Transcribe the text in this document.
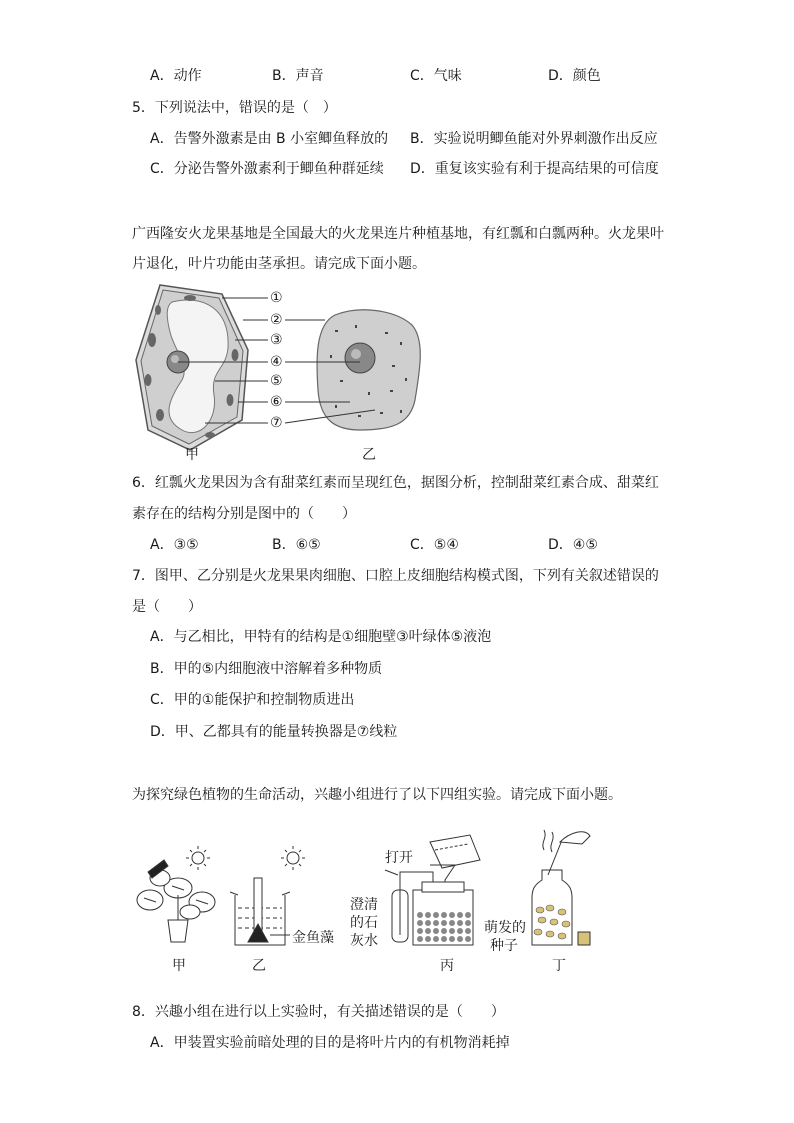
A．动作	B．声音	C．气味	D．颜色
5．下列说法中，错误的是（　）
A．告警外激素是由 B 小室鲫鱼释放的 B．实验说明鲫鱼能对外界刺激作出反应
C．分泌告警外激素利于鲫鱼种群延续 D．重复该实验有利于提高结果的可信度
广西隆安火龙果基地是全国最大的火龙果连片种植基地，有红瓢和白瓢两种。火龙果叶
片退化，叶片功能由茎承担。请完成下面小题。
①
②
③
④
⑤
⑥
⑦
甲	乙
6．红瓢火龙果因为含有甜菜红素而呈现红色，据图分析，控制甜菜红素合成、甜菜红
素存在的结构分别是图中的（　　）
A．③⑤	B．⑥⑤	C．⑤④	D．④⑤
7．图甲、乙分别是火龙果果肉细胞、口腔上皮细胞结构模式图，下列有关叙述错误的
是（　　）
A．与乙相比，甲特有的结构是①细胞壁③叶绿体⑤液泡
B．甲的⑤内细胞液中溶解着多种物质
C．甲的①能保护和控制物质进出
D．甲、乙都具有的能量转换器是⑦线粒
为探究绿色植物的生命活动，兴趣小组进行了以下四组实验。请完成下面小题。
打开
澄清
的石
灰水
金鱼藻
萌发的
种子
甲	乙	丙	丁
8．兴趣小组在进行以上实验时，有关描述错误的是（　　）
A．甲装置实验前暗处理的目的是将叶片内的有机物消耗掉
